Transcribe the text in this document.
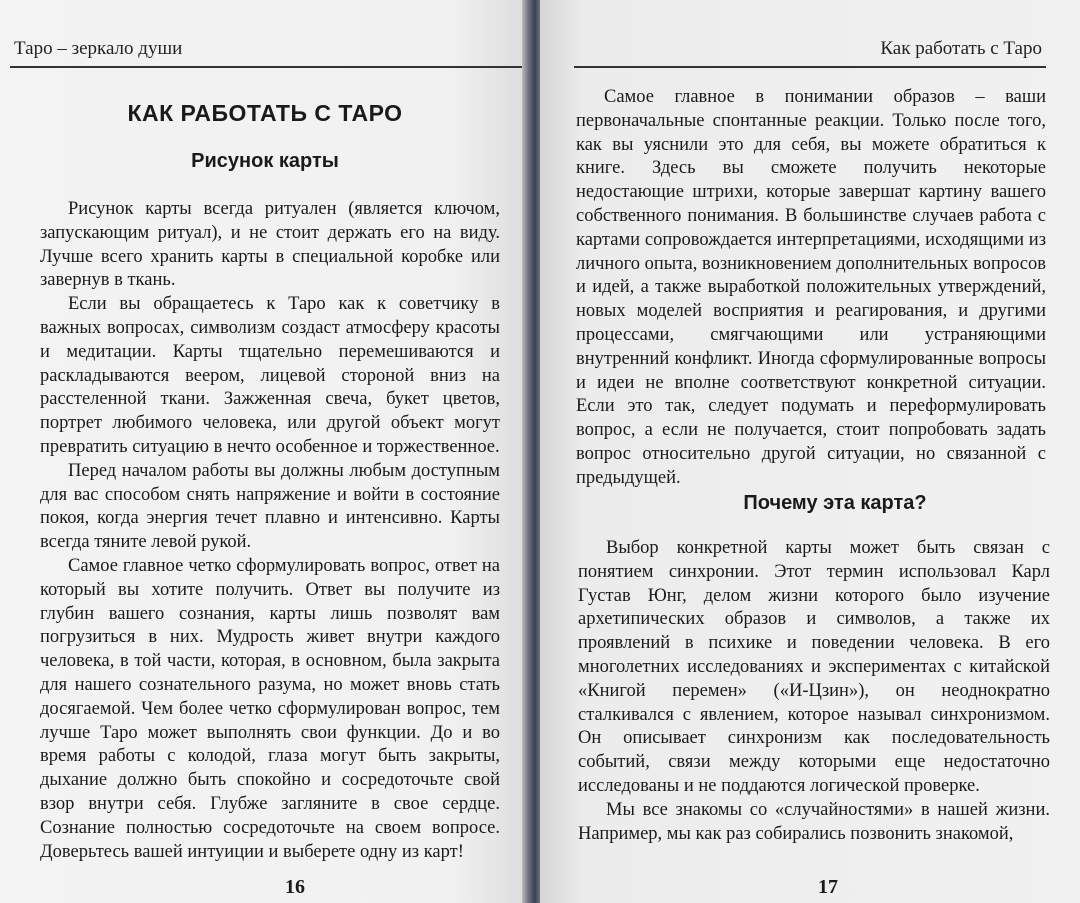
Таро – зеркало души
КАК РАБОТАТЬ С ТАРО
Рисунок карты

Рисунок карты всегда ритуален (является ключом, запускающим ритуал), и не стоит держать его на виду. Лучше всего хранить карты в специальной коробке или завернув в ткань.

Если вы обращаетесь к Таро как к советчику в важных вопросах, символизм создаст атмосферу красоты и медитации. Карты тщательно перемешиваются и раскладываются веером, лицевой стороной вниз на расстеленной ткани. Зажженная свеча, букет цветов, портрет любимого человека, или другой объект могут превратить ситуацию в нечто особенное и торжественное.

Перед началом работы вы должны любым доступным для вас способом снять напряжение и войти в состояние покоя, когда энергия течет плавно и интенсивно. Карты всегда тяните левой рукой.

Самое главное четко сформулировать вопрос, ответ на который вы хотите получить. Ответ вы получите из глубин вашего сознания, карты лишь позволят вам погрузиться в них. Мудрость живет внутри каждого человека, в той части, которая, в основном, была закрыта для нашего сознательного разума, но может вновь стать досягаемой. Чем более четко сформулирован вопрос, тем лучше Таро может выполнять свои функции. До и во время работы с колодой, глаза могут быть закрыты, дыхание должно быть спокойно и сосредоточьте свой взор внутри себя. Глубже загляните в свое сердце. Сознание полностью сосредоточьте на своем вопросе. Доверьтесь вашей интуиции и выберете одну из карт!

16
Как работать с Таро

Самое главное в понимании образов – ваши первоначальные спонтанные реакции. Только после того, как вы уяснили это для себя, вы можете обратиться к книге. Здесь вы сможете получить некоторые недостающие штрихи, которые завершат картину вашего собственного понимания. В большинстве случаев работа с картами сопровождается интерпретациями, исходящими из личного опыта, возникновением дополнительных вопросов и идей, а также выработкой положительных утверждений, новых моделей восприятия и реагирования, и другими процессами, смягчающими или устраняющими внутренний конфликт. Иногда сформулированные вопросы и идеи не вполне соответствуют конкретной ситуации. Если это так, следует подумать и переформулировать вопрос, а если не получается, стоит попробовать задать вопрос относительно другой ситуации, но связанной с предыдущей.

Почему эта карта?

Выбор конкретной карты может быть связан с понятием синхронии. Этот термин использовал Карл Густав Юнг, делом жизни которого было изучение архетипических образов и символов, а также их проявлений в психике и поведении человека. В его многолетних исследованиях и экспериментах с китайской «Книгой перемен» («И-Цзин»), он неоднократно сталкивался с явлением, которое называл синхронизмом. Он описывает синхронизм как последовательность событий, связи между которыми еще недостаточно исследованы и не поддаются логической проверке.

Мы все знакомы со «случайностями» в нашей жизни. Например, мы как раз собирались позвонить знакомой,

17
